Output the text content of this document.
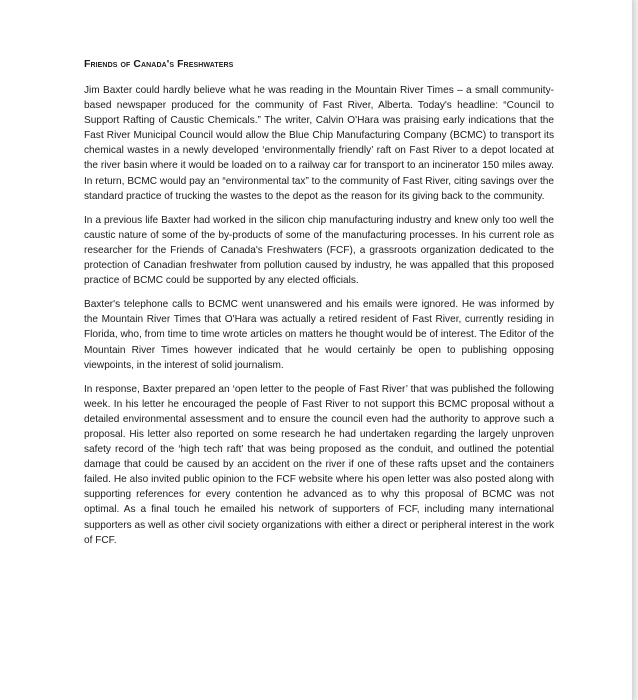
Friends of Canada's Freshwaters

Jim Baxter could hardly believe what he was reading in the Mountain River Times – a small community-based newspaper produced for the community of Fast River, Alberta. Today's headline: “Council to Support Rafting of Caustic Chemicals.” The writer, Calvin O'Hara was praising early indications that the Fast River Municipal Council would allow the Blue Chip Manufacturing Company (BCMC) to transport its chemical wastes in a newly developed ‘environmentally friendly’ raft on Fast River to a depot located at the river basin where it would be loaded on to a railway car for transport to an incinerator 150 miles away. In return, BCMC would pay an “environmental tax” to the community of Fast River, citing savings over the standard practice of trucking the wastes to the depot as the reason for its giving back to the community.

In a previous life Baxter had worked in the silicon chip manufacturing industry and knew only too well the caustic nature of some of the by-products of some of the manufacturing processes. In his current role as researcher for the Friends of Canada's Freshwaters (FCF), a grassroots organization dedicated to the protection of Canadian freshwater from pollution caused by industry, he was appalled that this proposed practice of BCMC could be supported by any elected officials.

Baxter's telephone calls to BCMC went unanswered and his emails were ignored. He was informed by the Mountain River Times that O'Hara was actually a retired resident of Fast River, currently residing in Florida, who, from time to time wrote articles on matters he thought would be of interest. The Editor of the Mountain River Times however indicated that he would certainly be open to publishing opposing viewpoints, in the interest of solid journalism.

In response, Baxter prepared an ‘open letter to the people of Fast River’ that was published the following week. In his letter he encouraged the people of Fast River to not support this BCMC proposal without a detailed environmental assessment and to ensure the council even had the authority to approve such a proposal. His letter also reported on some research he had undertaken regarding the largely unproven safety record of the ‘high tech raft’ that was being proposed as the conduit, and outlined the potential damage that could be caused by an accident on the river if one of these rafts upset and the containers failed. He also invited public opinion to the FCF website where his open letter was also posted along with supporting references for every contention he advanced as to why this proposal of BCMC was not optimal. As a final touch he emailed his network of supporters of FCF, including many international supporters as well as other civil society organizations with either a direct or peripheral interest in the work of FCF.
